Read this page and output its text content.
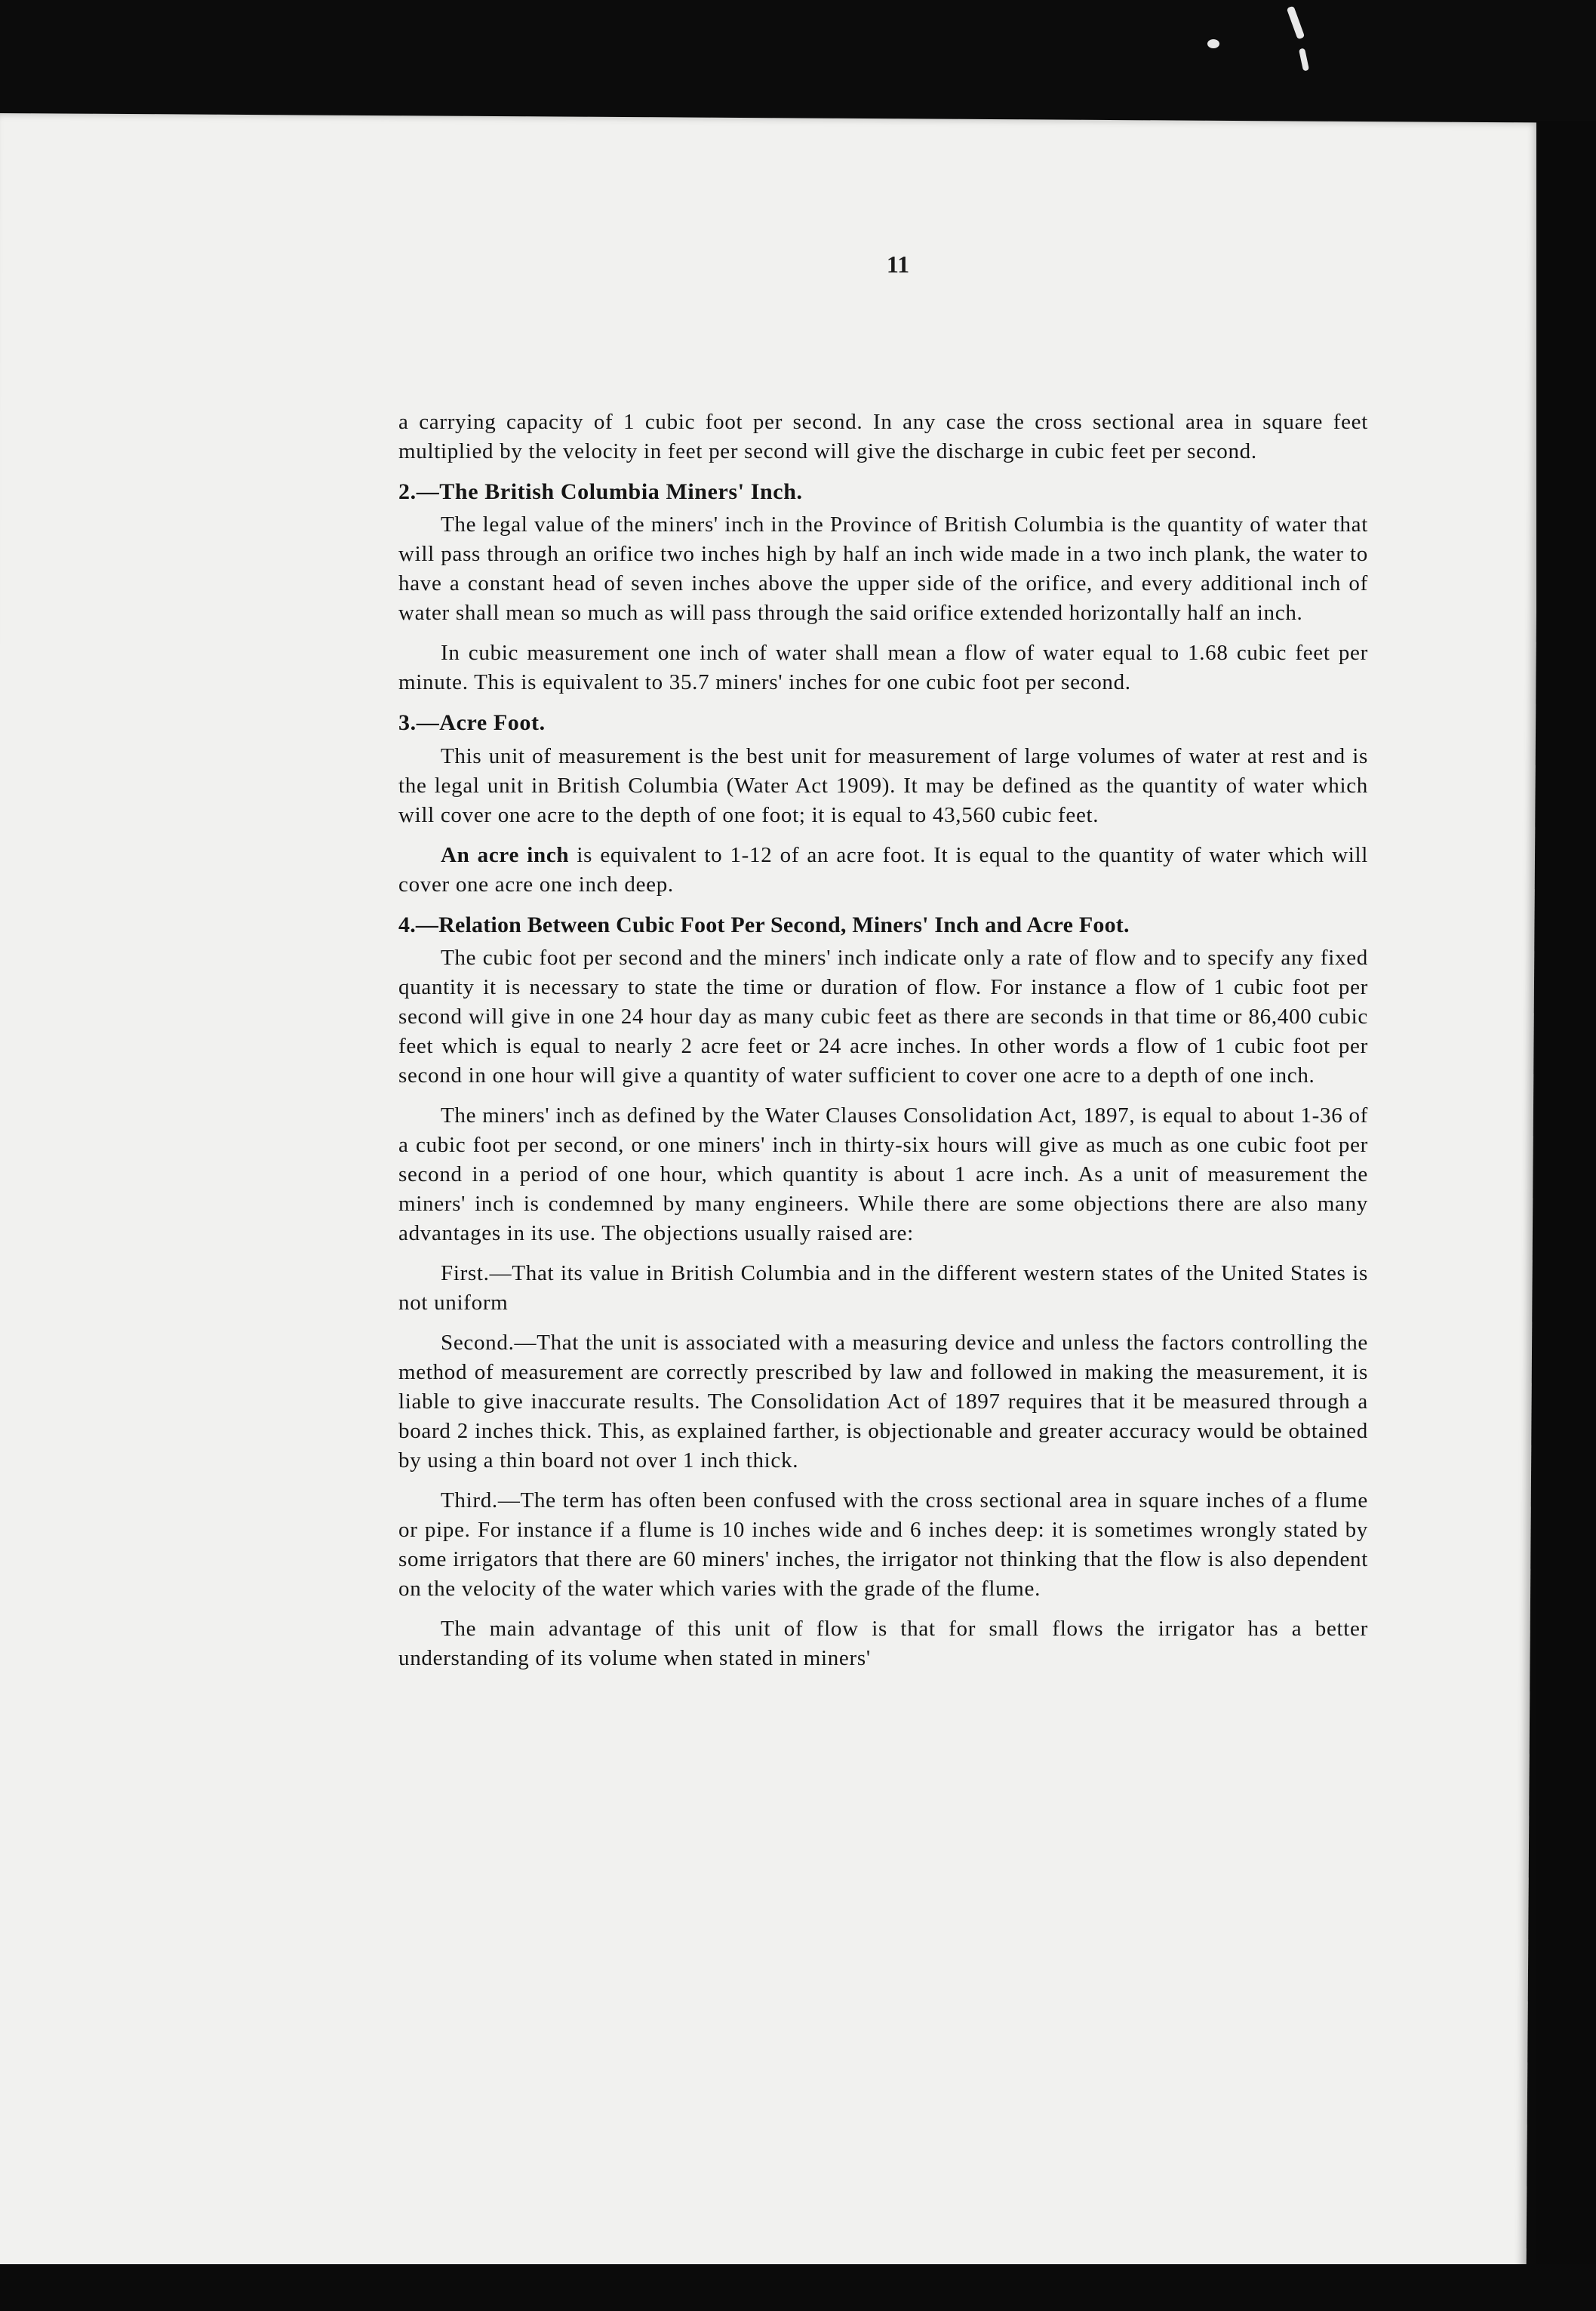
11

a carrying capacity of 1 cubic foot per second. In any case the cross sectional area in square feet multiplied by the velocity in feet per second will give the discharge in cubic feet per second.

2.—The British Columbia Miners' Inch.

The legal value of the miners' inch in the Province of British Columbia is the quantity of water that will pass through an orifice two inches high by half an inch wide made in a two inch plank, the water to have a constant head of seven inches above the upper side of the orifice, and every additional inch of water shall mean so much as will pass through the said orifice extended horizontally half an inch.

In cubic measurement one inch of water shall mean a flow of water equal to 1.68 cubic feet per minute. This is equivalent to 35.7 miners' inches for one cubic foot per second.

3.—Acre Foot.

This unit of measurement is the best unit for measurement of large volumes of water at rest and is the legal unit in British Columbia (Water Act 1909). It may be defined as the quantity of water which will cover one acre to the depth of one foot; it is equal to 43,560 cubic feet.

An acre inch is equivalent to 1-12 of an acre foot. It is equal to the quantity of water which will cover one acre one inch deep.

4.—Relation Between Cubic Foot Per Second, Miners' Inch and Acre Foot.

The cubic foot per second and the miners' inch indicate only a rate of flow and to specify any fixed quantity it is necessary to state the time or duration of flow. For instance a flow of 1 cubic foot per second will give in one 24 hour day as many cubic feet as there are seconds in that time or 86,400 cubic feet which is equal to nearly 2 acre feet or 24 acre inches. In other words a flow of 1 cubic foot per second in one hour will give a quantity of water sufficient to cover one acre to a depth of one inch.

The miners' inch as defined by the Water Clauses Consolidation Act, 1897, is equal to about 1-36 of a cubic foot per second, or one miners' inch in thirty-six hours will give as much as one cubic foot per second in a period of one hour, which quantity is about 1 acre inch. As a unit of measurement the miners' inch is condemned by many engineers. While there are some objections there are also many advantages in its use. The objections usually raised are:

First.—That its value in British Columbia and in the different western states of the United States is not uniform

Second.—That the unit is associated with a measuring device and unless the factors controlling the method of measurement are correctly prescribed by law and followed in making the measurement, it is liable to give inaccurate results. The Consolidation Act of 1897 requires that it be measured through a board 2 inches thick. This, as explained farther, is objectionable and greater accuracy would be obtained by using a thin board not over 1 inch thick.

Third.—The term has often been confused with the cross sectional area in square inches of a flume or pipe. For instance if a flume is 10 inches wide and 6 inches deep: it is sometimes wrongly stated by some irrigators that there are 60 miners' inches, the irrigator not thinking that the flow is also dependent on the velocity of the water which varies with the grade of the flume.

The main advantage of this unit of flow is that for small flows the irrigator has a better understanding of its volume when stated in miners'
